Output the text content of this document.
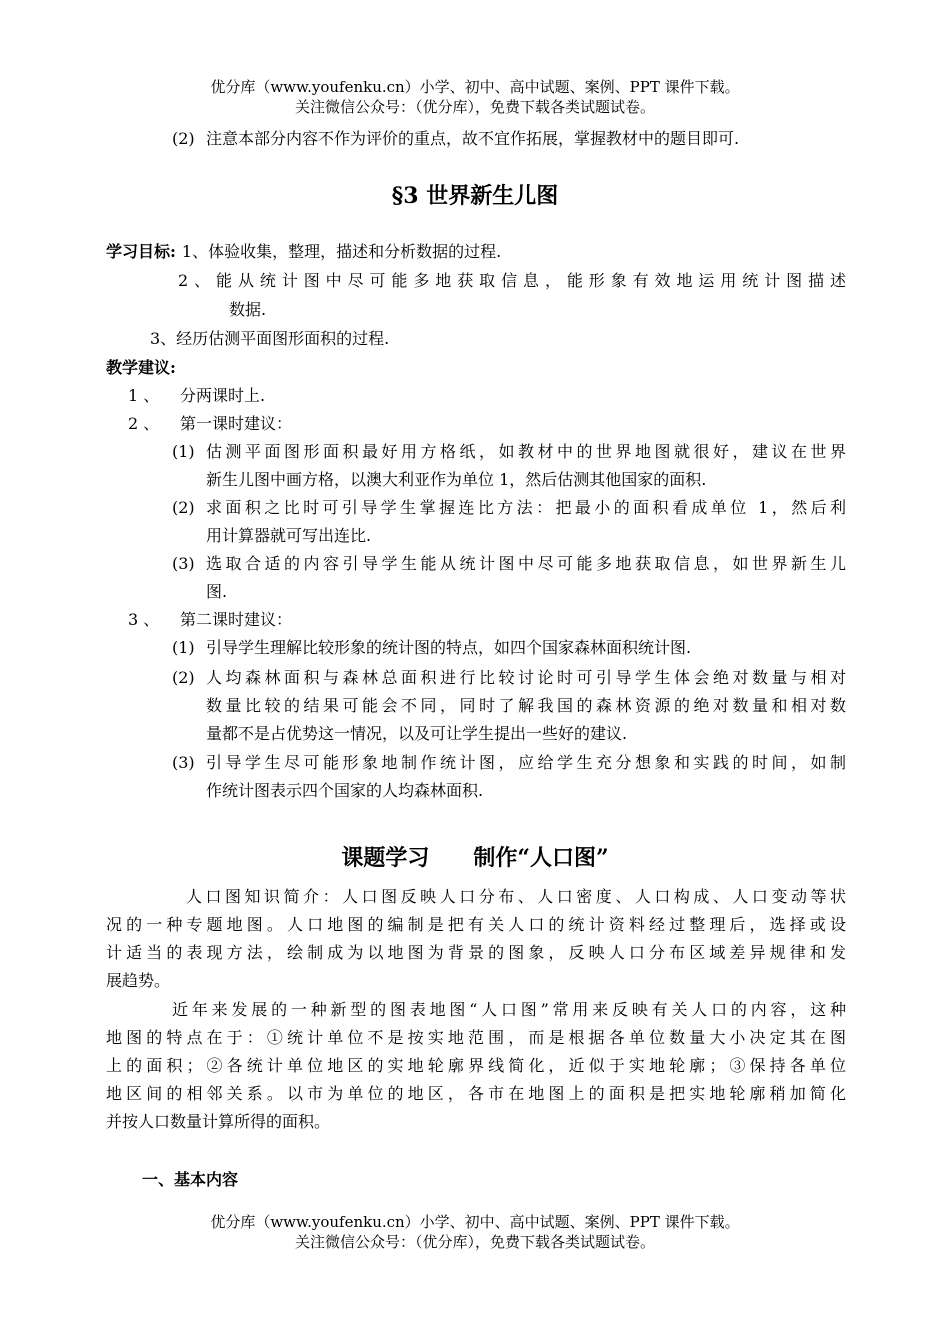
优分库（www.youfenku.cn）小学、初中、高中试题、案例、PPT 课件下载。
关注微信公众号：（优分库），免费下载各类试题试卷。
(2) 注意本部分内容不作为评价的重点，故不宜作拓展，掌握教材中的题目即可.
§3 世界新生儿图
学习目标: 1、体验收集，整理，描述和分析数据的过程.
2、能从统计图中尽可能多地获取信息，能形象有效地运用统计图描述
数据.
3、经历估测平面图形面积的过程.
教学建议:
1 、 分两课时上.
2 、 第一课时建议：
(1) 估测平面图形面积最好用方格纸，如教材中的世界地图就很好，建议在世界
新生儿图中画方格，以澳大利亚作为单位 1，然后估测其他国家的面积.
(2) 求面积之比时可引导学生掌握连比方法：把最小的面积看成单位 1，然后利
用计算器就可写出连比.
(3) 选取合适的内容引导学生能从统计图中尽可能多地获取信息，如世界新生儿
图.
3 、 第二课时建议：
(1) 引导学生理解比较形象的统计图的特点，如四个国家森林面积统计图.
(2) 人均森林面积与森林总面积进行比较讨论时可引导学生体会绝对数量与相对
数量比较的结果可能会不同，同时了解我国的森林资源的绝对数量和相对数
量都不是占优势这一情况，以及可让学生提出一些好的建议.
(3) 引导学生尽可能形象地制作统计图，应给学生充分想象和实践的时间，如制
作统计图表示四个国家的人均森林面积.
课题学习　　制作“人口图”
人口图知识简介：人口图反映人口分布、人口密度、人口构成、人口变动等状
况的一种专题地图。人口地图的编制是把有关人口的统计资料经过整理后，选择或设
计适当的表现方法，绘制成为以地图为背景的图象，反映人口分布区域差异规律和发
展趋势。
近年来发展的一种新型的图表地图“人口图”常用来反映有关人口的内容，这种
地图的特点在于：①统计单位不是按实地范围，而是根据各单位数量大小决定其在图
上的面积；②各统计单位地区的实地轮廓界线简化，近似于实地轮廓；③保持各单位
地区间的相邻关系。以市为单位的地区，各市在地图上的面积是把实地轮廓稍加简化
并按人口数量计算所得的面积。
一、基本内容
优分库（www.youfenku.cn）小学、初中、高中试题、案例、PPT 课件下载。
关注微信公众号：（优分库），免费下载各类试题试卷。
